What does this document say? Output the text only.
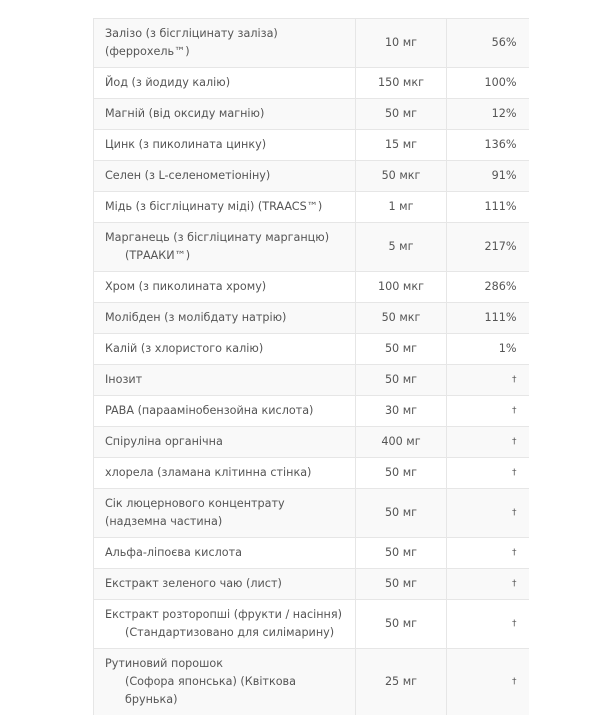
Залізо (з бісгліцинату заліза) (феррохель™)	10 мг	56%
Йод (з йодиду калію)	150 мкг	100%
Магній (від оксиду магнію)	50 мг	12%
Цинк (з пиколината цинку)	15 мг	136%
Селен (з L-селенометіоніну)	50 мкг	91%
Мідь (з бісгліцинату міді) (TRAACS™)	1 мг	111%
Марганець (з бісгліцинату марганцю)
(ТРААКИ™)	5 мг	217%
Хром (з пиколината хрому)	100 мкг	286%
Молібден (з молібдату натрію)	50 мкг	111%
Калій (з хлористого калію)	50 мг	1%
Інозит	50 мг	†
PABA (параамінобензойна кислота)	30 мг	†
Спіруліна органічна	400 мг	†
хлорела (зламана клітинна стінка)	50 мг	†
Сік люцернового концентрату (надземна частина)	50 мг	†
Альфа-ліпоєва кислота	50 мг	†
Екстракт зеленого чаю (лист)	50 мг	†
Екстракт розторопші (фрукти / насіння)
(Стандартизовано для силімарину)	50 мг	†
Рутиновий порошок
(Софора японська) (Квіткова брунька)	25 мг	†
